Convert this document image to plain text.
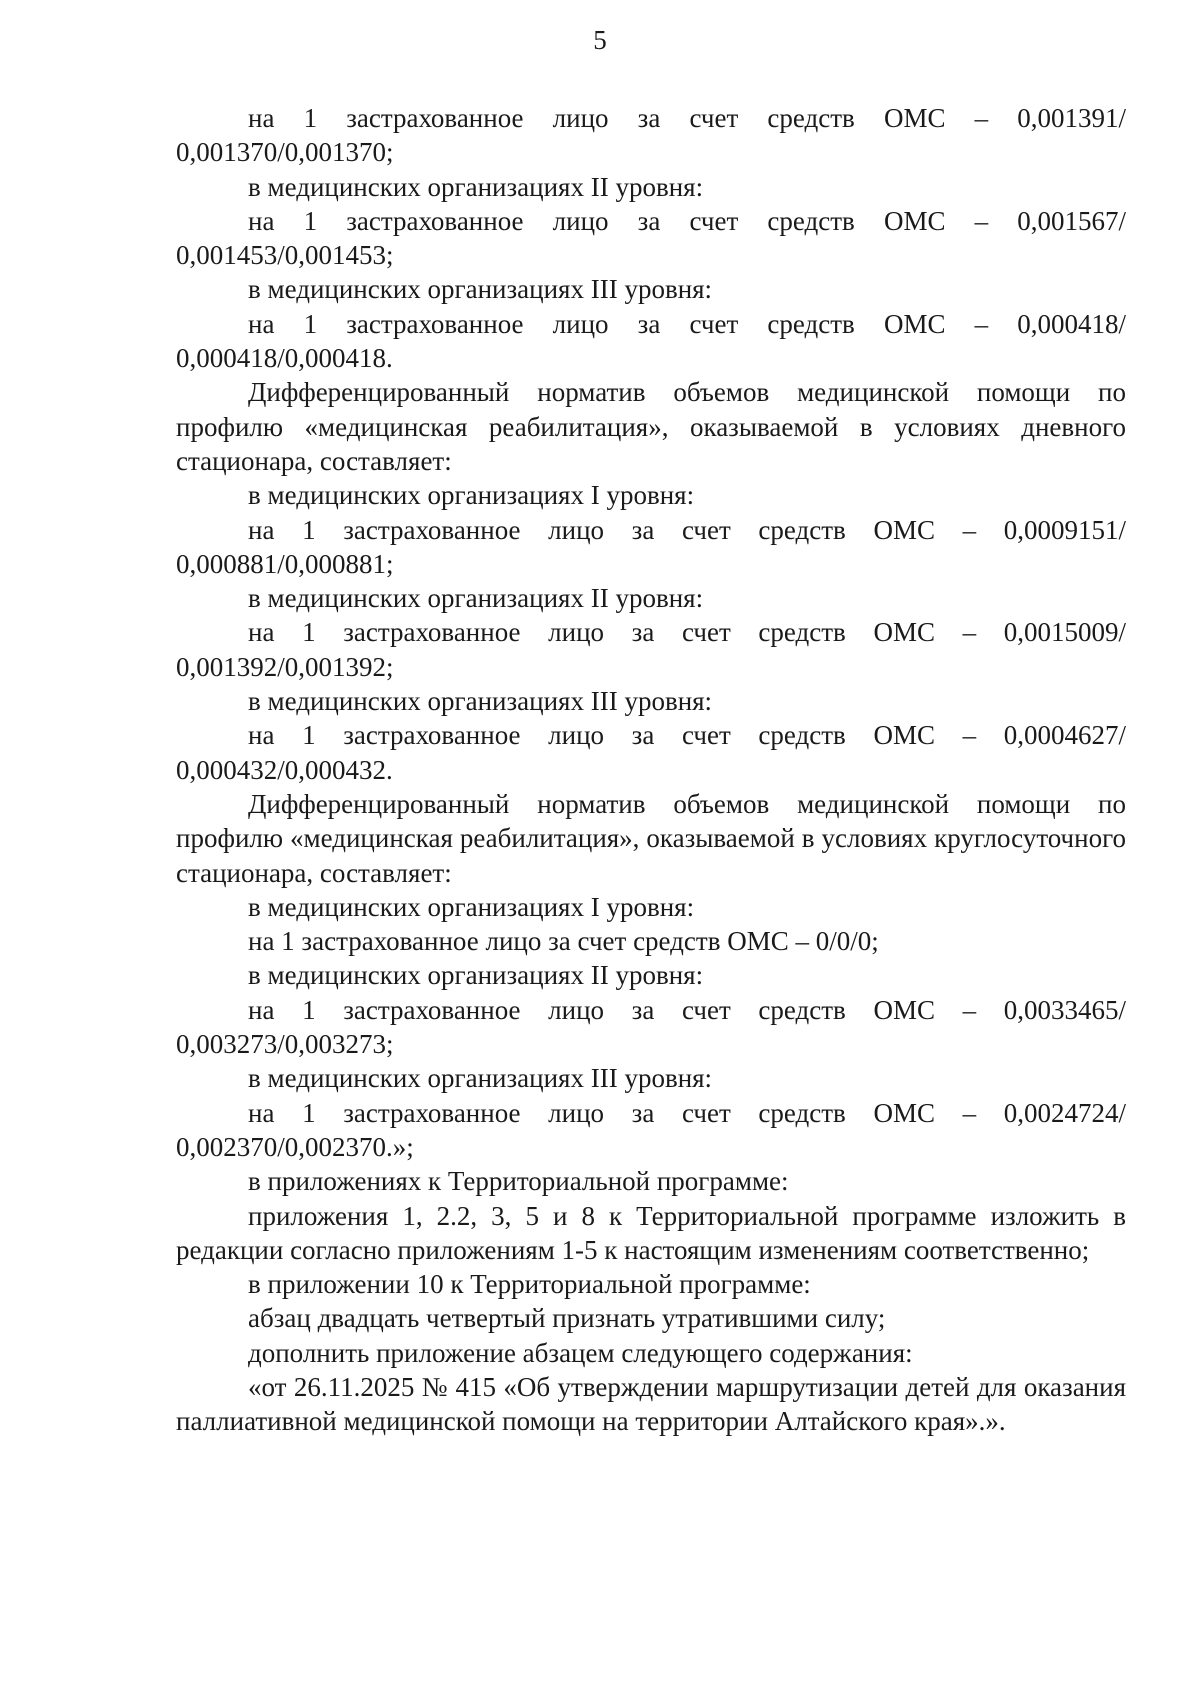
5

на 1 застрахованное лицо за счет средств ОМС – 0,001391/ 0,001370/0,001370;

в медицинских организациях II уровня:

на 1 застрахованное лицо за счет средств ОМС – 0,001567/ 0,001453/0,001453;

в медицинских организациях III уровня:

на 1 застрахованное лицо за счет средств ОМС – 0,000418/ 0,000418/0,000418.

Дифференцированный норматив объемов медицинской помощи по профилю «медицинская реабилитация», оказываемой в условиях дневного стационара, составляет:

в медицинских организациях I уровня:

на 1 застрахованное лицо за счет средств ОМС – 0,0009151/ 0,000881/0,000881;

в медицинских организациях II уровня:

на 1 застрахованное лицо за счет средств ОМС – 0,0015009/ 0,001392/0,001392;

в медицинских организациях III уровня:

на 1 застрахованное лицо за счет средств ОМС – 0,0004627/ 0,000432/0,000432.

Дифференцированный норматив объемов медицинской помощи по профилю «медицинская реабилитация», оказываемой в условиях круглосуточного стационара, составляет:

в медицинских организациях I уровня:

на 1 застрахованное лицо за счет средств ОМС – 0/0/0;

в медицинских организациях II уровня:

на 1 застрахованное лицо за счет средств ОМС – 0,0033465/ 0,003273/0,003273;

в медицинских организациях III уровня:

на 1 застрахованное лицо за счет средств ОМС – 0,0024724/ 0,002370/0,002370.»;

в приложениях к Территориальной программе:

приложения 1, 2.2, 3, 5 и 8 к Территориальной программе изложить в редакции согласно приложениям 1-5 к настоящим изменениям соответственно;

в приложении 10 к Территориальной программе:

абзац двадцать четвертый признать утратившими силу;

дополнить приложение абзацем следующего содержания:

«от 26.11.2025 № 415 «Об утверждении маршрутизации детей для оказания паллиативной медицинской помощи на территории Алтайского края».».
